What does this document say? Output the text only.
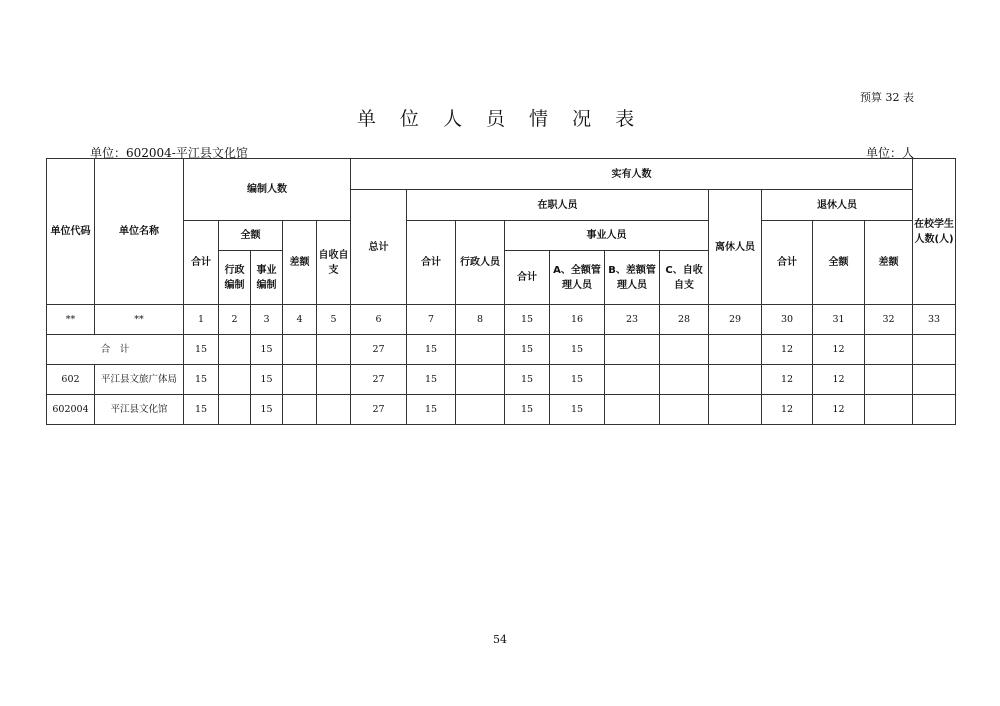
预算 32 表
单 位 人 员 情 况 表
单位：602004-平江县文化馆	单位：人
单位代码	单位名称	编制人数					实有人数											在校学生人数(人)
							总计	在职人员						离休人员	退休人员			
		合计	全额		差额	自收自支		合计	行政人员	事业人员					合计	全额	差额	
			行政编制	事业编制						合计	A、全额管理人员	B、差额管理人员	C、自收自支					

**	**	1	2	3	4	5	6	7	8	15	16	23	28	29	30	31	32	33
合　计		15		15			27	15		15	15				12	12		
602	平江县文旅广体局	15		15			27	15		15	15				12	12		
602004	平江县文化馆	15		15			27	15		15	15				12	12		
54
